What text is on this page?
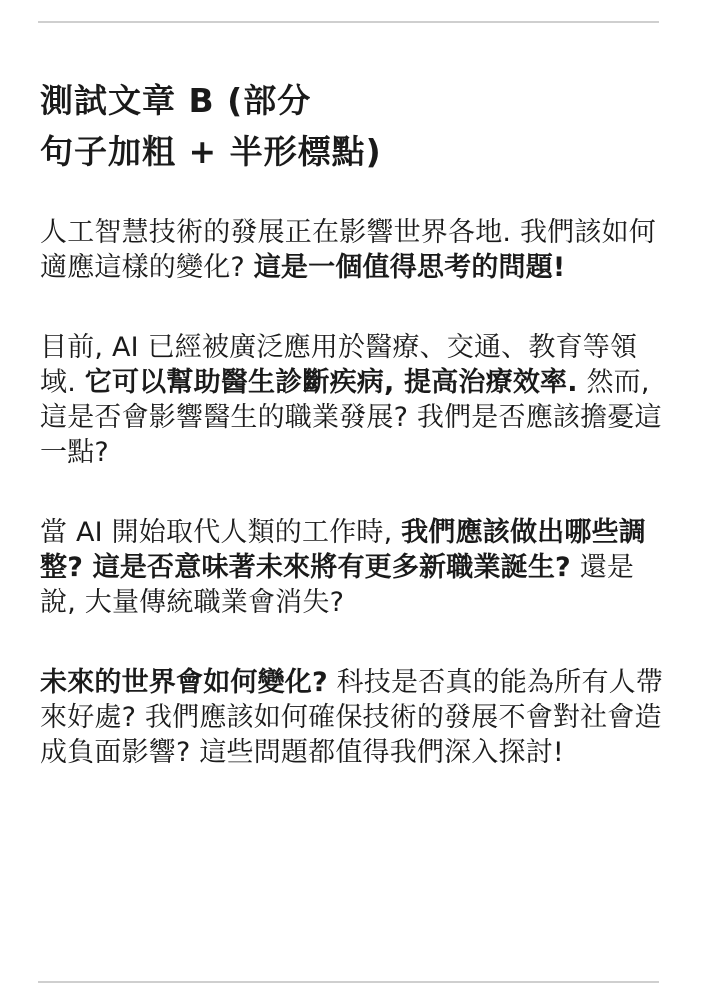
測試文章 B (部分
句子加粗 + 半形標點)

人工智慧技術的發展正在影響世界各地. 我們該如何適應這樣的變化? 這是一個值得思考的問題!

目前, AI 已經被廣泛應用於醫療、交通、教育等領域. 它可以幫助醫生診斷疾病, 提高治療效率. 然而, 這是否會影響醫生的職業發展? 我們是否應該擔憂這一點?

當 AI 開始取代人類的工作時, 我們應該做出哪些調整? 這是否意味著未來將有更多新職業誕生? 還是說, 大量傳統職業會消失?

未來的世界會如何變化? 科技是否真的能為所有人帶來好處? 我們應該如何確保技術的發展不會對社會造成負面影響? 這些問題都值得我們深入探討!
